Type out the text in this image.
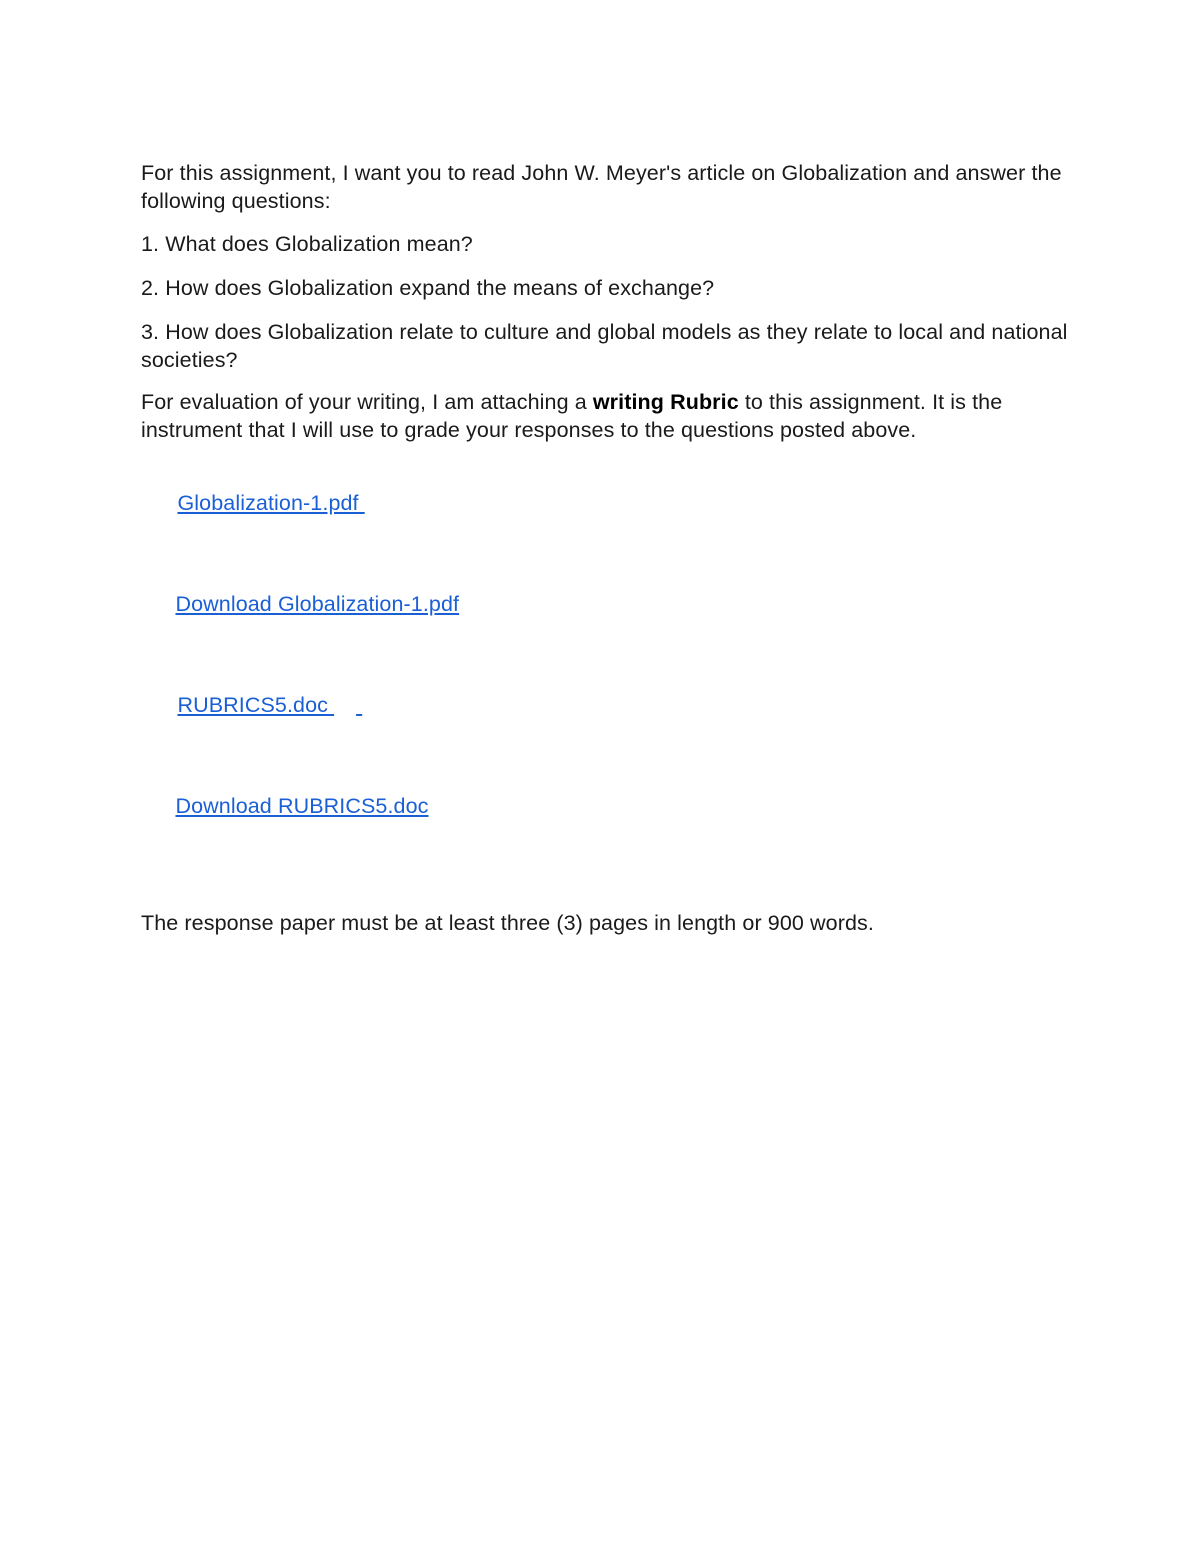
For this assignment, I want you to read John W. Meyer's article on Globalization and answer the following questions:

1. What does Globalization mean?

2. How does Globalization expand the means of exchange?

3. How does Globalization relate to culture and global models as they relate to local and national societies?

For evaluation of your writing, I am attaching a writing Rubric to this assignment. It is the instrument that I will use to grade your responses to the questions posted above.

Globalization-1.pdf

Download Globalization-1.pdf

RUBRICS5.doc

Download RUBRICS5.doc

The response paper must be at least three (3) pages in length or 900 words.
